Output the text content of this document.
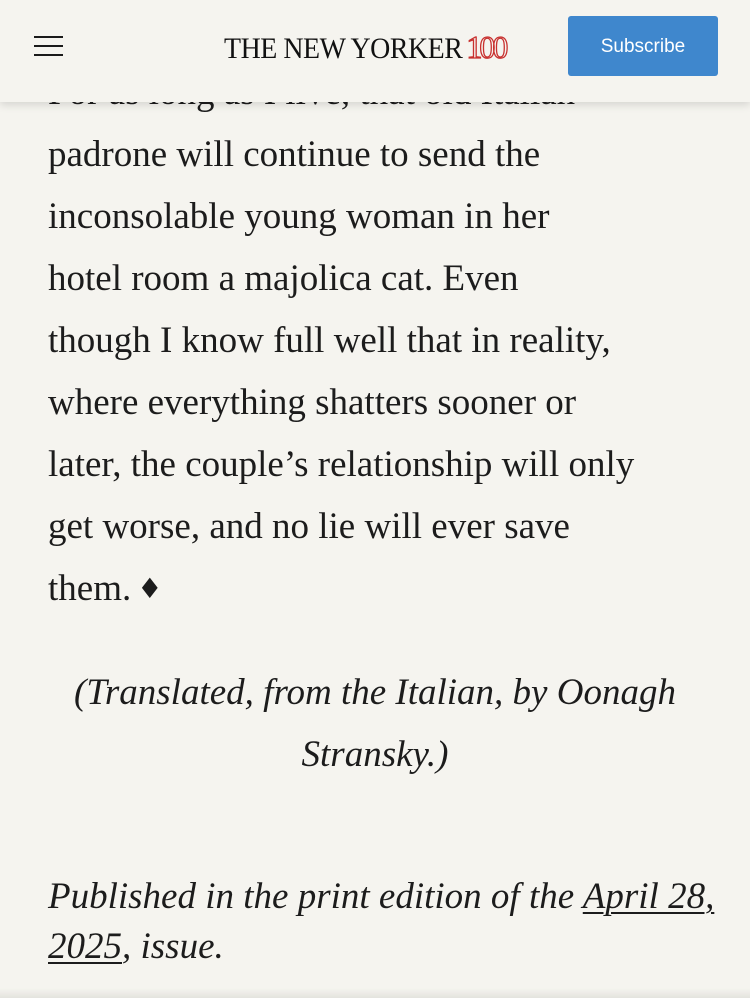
padrone will continue to send the
inconsolable young woman in her
hotel room a majolica cat. Even
though I know full well that in reality,
where everything shatters sooner or
later, the couple’s relationship will only
get worse, and no lie will ever save
them. ♦
(Translated, from the Italian, by Oonagh
Stransky.)
Published in the print edition of the April 28, 2025, issue.
THE NEW YORKER 100	Subscribe
